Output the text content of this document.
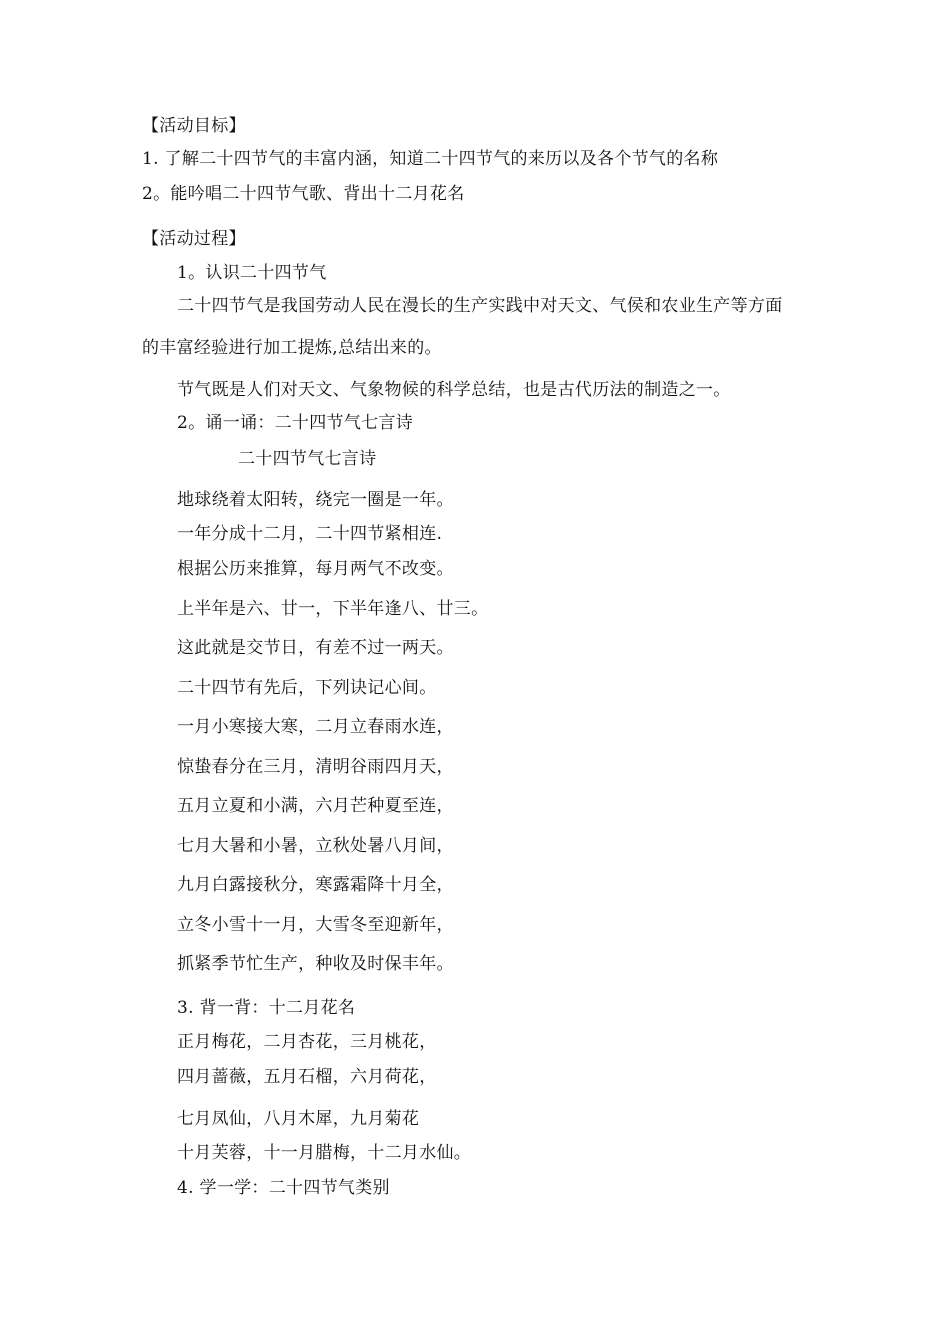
【活动目标】
1. 了解二十四节气的丰富内涵，知道二十四节气的来历以及各个节气的名称
2。能吟唱二十四节气歌、背出十二月花名
【活动过程】
1。认识二十四节气
二十四节气是我国劳动人民在漫长的生产实践中对天文、气侯和农业生产等方面
的丰富经验进行加工提炼,总结出来的。
节气既是人们对天文、气象物候的科学总结，也是古代历法的制造之一。
2。诵一诵：二十四节气七言诗
二十四节气七言诗
地球绕着太阳转，绕完一圈是一年。
一年分成十二月，二十四节紧相连.
根据公历来推算，每月两气不改变。
上半年是六、廿一，下半年逢八、廿三。
这此就是交节日，有差不过一两天。
二十四节有先后，下列诀记心间。
一月小寒接大寒，二月立春雨水连，
惊蛰春分在三月，清明谷雨四月天，
五月立夏和小满，六月芒种夏至连，
七月大暑和小暑，立秋处暑八月间，
九月白露接秋分，寒露霜降十月全，
立冬小雪十一月，大雪冬至迎新年，
抓紧季节忙生产，种收及时保丰年。
3. 背一背：十二月花名
正月梅花，二月杏花，三月桃花，
四月蔷薇，五月石榴，六月荷花，
七月凤仙，八月木犀，九月菊花
十月芙蓉，十一月腊梅，十二月水仙。
4. 学一学：二十四节气类别
